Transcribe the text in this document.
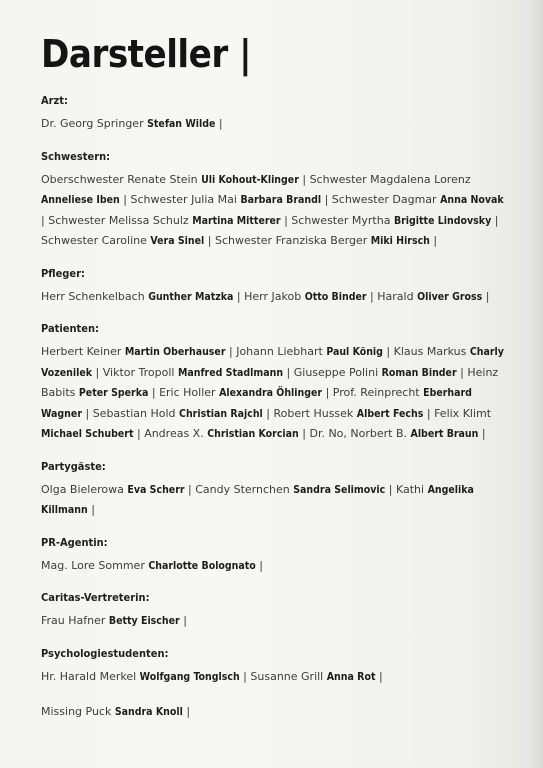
Darsteller |
Arzt:
Dr. Georg Springer Stefan Wilde |
Schwestern:
Oberschwester Renate Stein Uli Kohout-Klinger | Schwester Magdalena Lorenz Anneliese Iben | Schwester Julia Mai Barbara Brandl | Schwester Dagmar Anna Novak | Schwester Melissa Schulz Martina Mitterer | Schwester Myrtha Brigitte Lindovsky | Schwester Caroline Vera Sinel | Schwester Franziska Berger Miki Hirsch |
Pfleger:
Herr Schenkelbach Gunther Matzka | Herr Jakob Otto Binder | Harald Oliver Gross |
Patienten:
Herbert Keiner Martin Oberhauser | Johann Liebhart Paul König | Klaus Markus Charly Vozenilek | Viktor Tropoll Manfred Stadlmann | Giuseppe Polini Roman Binder | Heinz Babits Peter Sperka | Eric Holler Alexandra Öhlinger | Prof. Reinprecht Eberhard Wagner | Sebastian Hold Christian Rajchl | Robert Hussek Albert Fechs | Felix Klimt Michael Schubert | Andreas X. Christian Korcian | Dr. No, Norbert B. Albert Braun |
Partygäste:
Olga Bielerowa Eva Scherr | Candy Sternchen Sandra Selimovic | Kathi Angelika Killmann |
PR-Agentin:
Mag. Lore Sommer Charlotte Bolognato |
Caritas-Vertreterin:
Frau Hafner Betty Eischer |
Psychologiestudenten:
Hr. Harald Merkel Wolfgang Tonglsch | Susanne Grill Anna Rot |
Missing Puck Sandra Knoll |
